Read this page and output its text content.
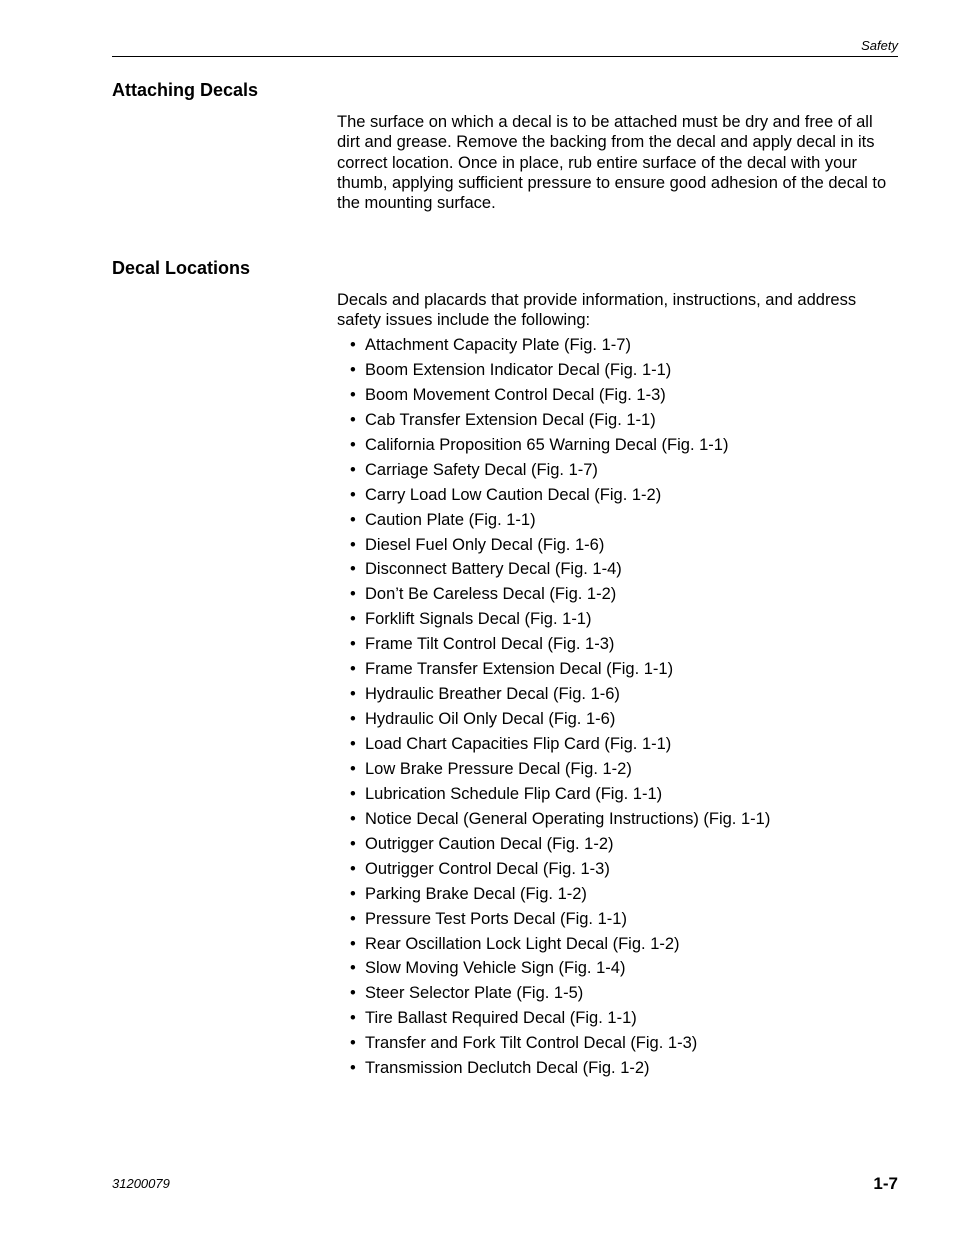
Safety
Attaching Decals

The surface on which a decal is to be attached must be dry and free of all dirt and grease. Remove the backing from the decal and apply decal in its correct location. Once in place, rub entire surface of the decal with your thumb, applying sufficient pressure to ensure good adhesion of the decal to the mounting surface.

Decal Locations

Decals and placards that provide information, instructions, and address safety issues include the following:

• Attachment Capacity Plate (Fig. 1-7)
• Boom Extension Indicator Decal (Fig. 1-1)
• Boom Movement Control Decal (Fig. 1-3)
• Cab Transfer Extension Decal (Fig. 1-1)
• California Proposition 65 Warning Decal (Fig. 1-1)
• Carriage Safety Decal (Fig. 1-7)
• Carry Load Low Caution Decal (Fig. 1-2)
• Caution Plate (Fig. 1-1)
• Diesel Fuel Only Decal (Fig. 1-6)
• Disconnect Battery Decal (Fig. 1-4)
• Don’t Be Careless Decal (Fig. 1-2)
• Forklift Signals Decal (Fig. 1-1)
• Frame Tilt Control Decal (Fig. 1-3)
• Frame Transfer Extension Decal (Fig. 1-1)
• Hydraulic Breather Decal (Fig. 1-6)
• Hydraulic Oil Only Decal (Fig. 1-6)
• Load Chart Capacities Flip Card (Fig. 1-1)
• Low Brake Pressure Decal (Fig. 1-2)
• Lubrication Schedule Flip Card (Fig. 1-1)
• Notice Decal (General Operating Instructions) (Fig. 1-1)
• Outrigger Caution Decal (Fig. 1-2)
• Outrigger Control Decal (Fig. 1-3)
• Parking Brake Decal (Fig. 1-2)
• Pressure Test Ports Decal (Fig. 1-1)
• Rear Oscillation Lock Light Decal (Fig. 1-2)
• Slow Moving Vehicle Sign (Fig. 1-4)
• Steer Selector Plate (Fig. 1-5)
• Tire Ballast Required Decal (Fig. 1-1)
• Transfer and Fork Tilt Control Decal (Fig. 1-3)
• Transmission Declutch Decal (Fig. 1-2)
31200079	1-7
